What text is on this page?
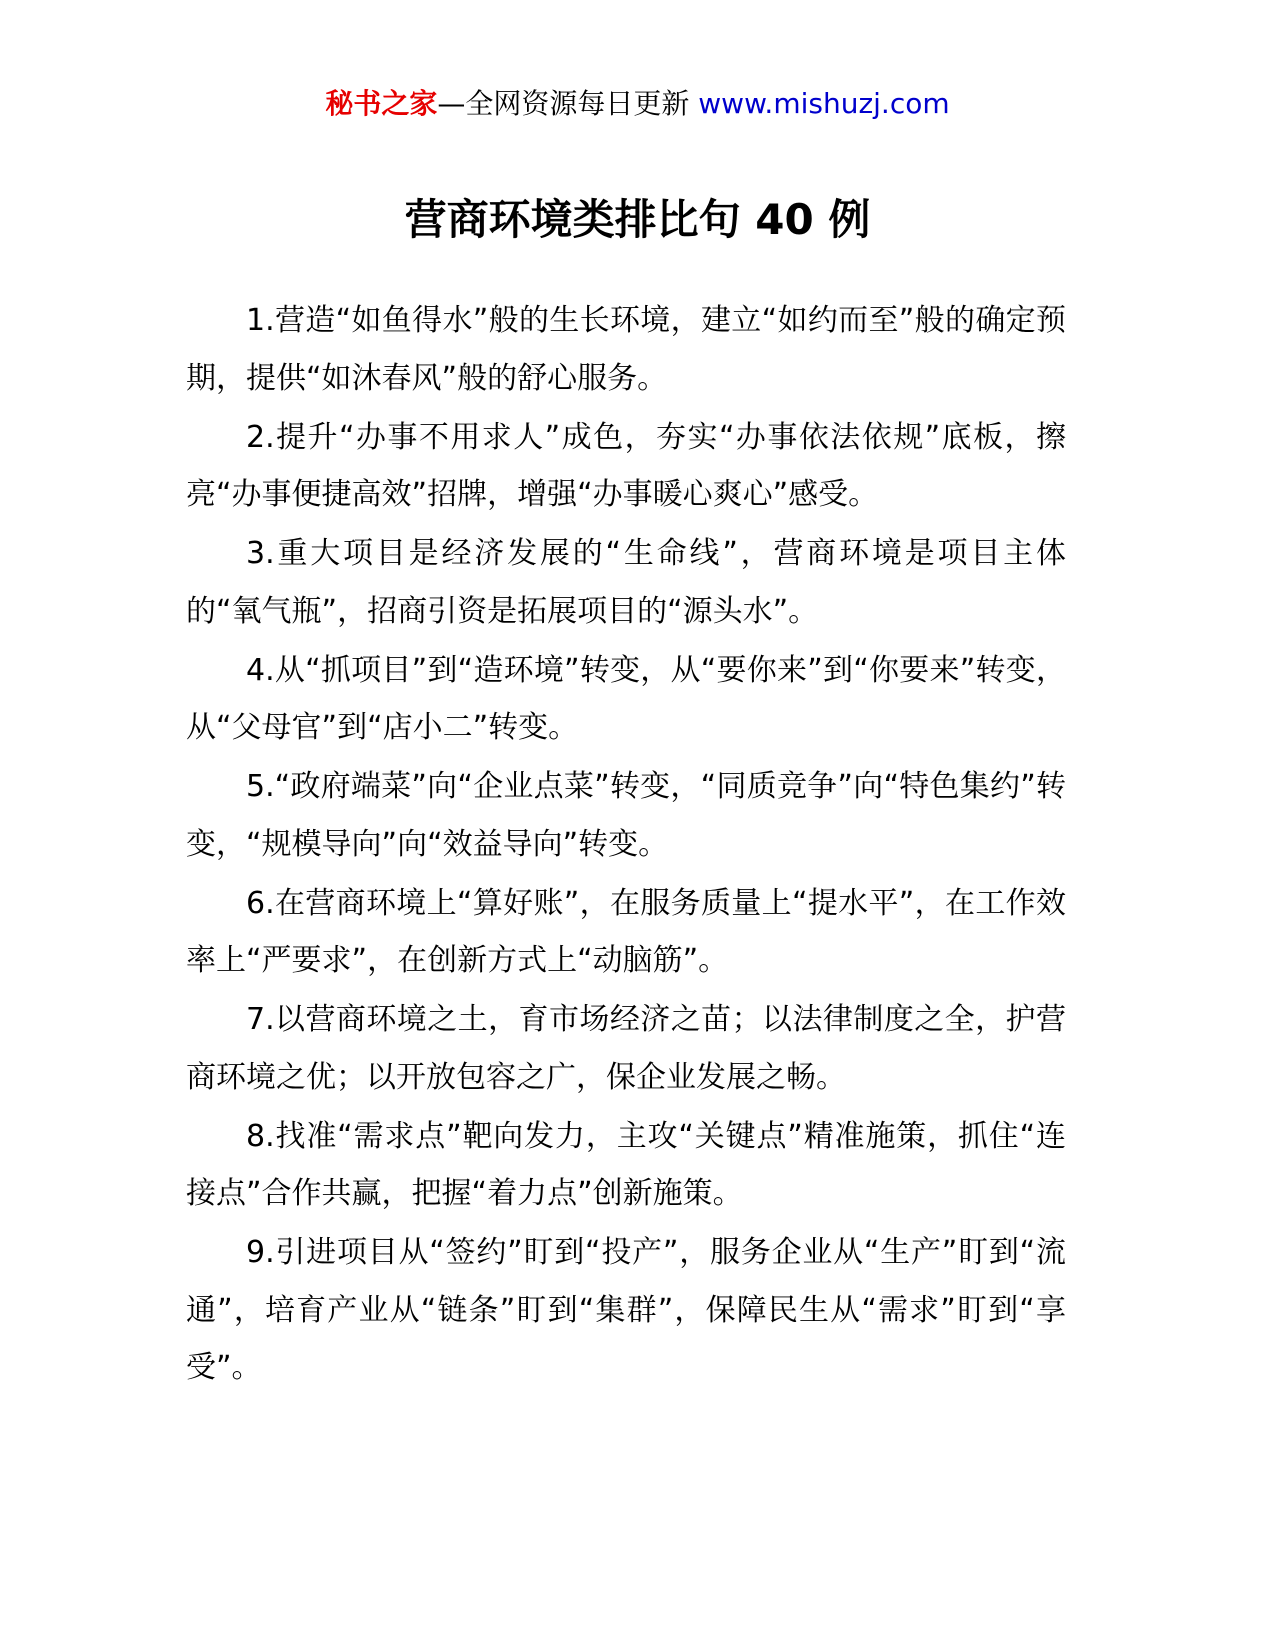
秘书之家—全网资源每日更新 www.mishuzj.com
营商环境类排比句 40 例

1.营造“如鱼得水”般的生长环境，建立“如约而至”般的确定预期，提供“如沐春风”般的舒心服务。

2.提升“办事不用求人”成色，夯实“办事依法依规”底板，擦亮“办事便捷高效”招牌，增强“办事暖心爽心”感受。

3.重大项目是经济发展的“生命线”，营商环境是项目主体的“氧气瓶”，招商引资是拓展项目的“源头水”。

4.从“抓项目”到“造环境”转变，从“要你来”到“你要来”转变，从“父母官”到“店小二”转变。

5.“政府端菜”向“企业点菜”转变，“同质竞争”向“特色集约”转变，“规模导向”向“效益导向”转变。

6.在营商环境上“算好账”，在服务质量上“提水平”，在工作效率上“严要求”，在创新方式上“动脑筋”。

7.以营商环境之土，育市场经济之苗；以法律制度之全，护营商环境之优；以开放包容之广，保企业发展之畅。

8.找准“需求点”靶向发力，主攻“关键点”精准施策，抓住“连接点”合作共赢，把握“着力点”创新施策。

9.引进项目从“签约”盯到“投产”，服务企业从“生产”盯到“流通”，培育产业从“链条”盯到“集群”，保障民生从“需求”盯到“享受”。
